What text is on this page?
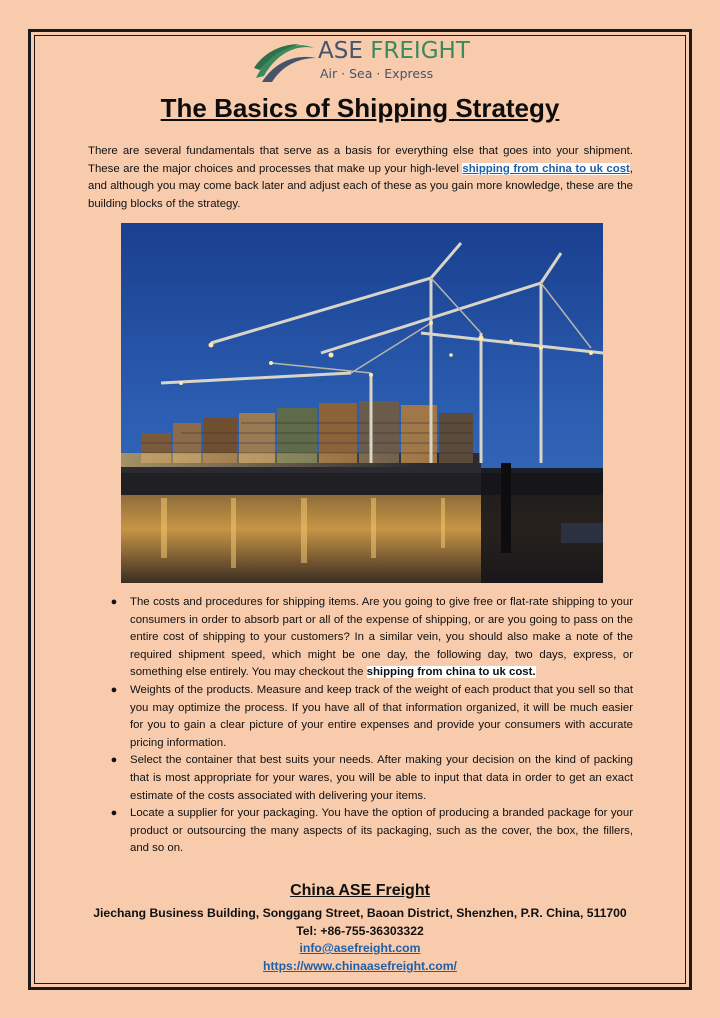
ASE FREIGHT
Air · Sea · Express
The Basics of Shipping Strategy

There are several fundamentals that serve as a basis for everything else that goes into your shipment. These are the major choices and processes that make up your high-level shipping from china to uk cost, and although you may come back later and adjust each of these as you gain more knowledge, these are the building blocks of the strategy.

● The costs and procedures for shipping items. Are you going to give free or flat-rate shipping to your consumers in order to absorb part or all of the expense of shipping, or are you going to pass on the entire cost of shipping to your customers? In a similar vein, you should also make a note of the required shipment speed, which might be one day, the following day, two days, express, or something else entirely. You may checkout the shipping from china to uk cost.
● Weights of the products. Measure and keep track of the weight of each product that you sell so that you may optimize the process. If you have all of that information organized, it will be much easier for you to gain a clear picture of your entire expenses and provide your consumers with accurate pricing information.
● Select the container that best suits your needs. After making your decision on the kind of packing that is most appropriate for your wares, you will be able to input that data in order to get an exact estimate of the costs associated with delivering your items.
● Locate a supplier for your packaging. You have the option of producing a branded package for your product or outsourcing the many aspects of its packaging, such as the cover, the box, the fillers, and so on.
China ASE Freight
Jiechang Business Building, Songgang Street, Baoan District, Shenzhen, P.R. China, 511700
Tel: +86-755-36303322
info@asefreight.com
https://www.chinaasefreight.com/
